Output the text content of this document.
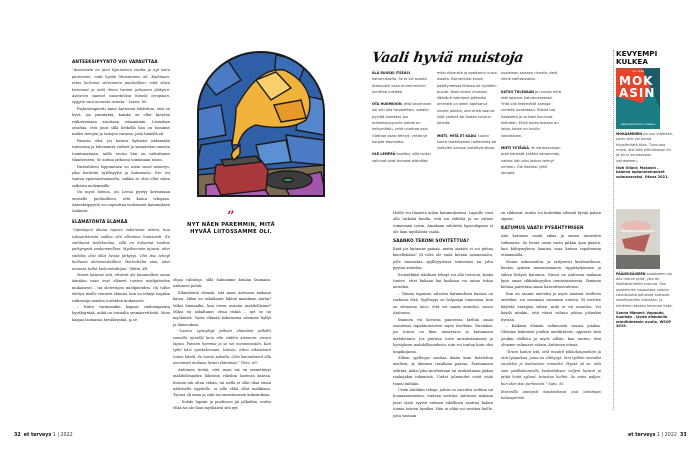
ANTEEKSIPYYNTÖ VOI VAPAUTTAA

”Avioerosta on pian kymmenen vuotta ja nyt näen paremmin, mitä hyvää liitossamme oli. Kadutaan, etten kertonut selvemmin puolisolleni, mitä olisin tarvinnut ja mitä ilmon turmin juttuseen jäätyeni. Avioeron saamat vaeantelissa hänelä terapiaan, sygytin vain monesta asiasta.” Leena, 60.

Psykoterapeutti Anne Anttonen lohduttaa, että on hyvä, jos ymmärtää, kuinka on ollut kyvytön ratkaisemaan asioitaan viisaammin. Leenahan oivaltaa, että juuri sillä hetkellä hän on toiminut niiden tietojen ja taitojen varassa, joita hänellä oli.

Parasta olisi, jos katuva kykenisi näkemään tunteensa ja tekemänsä virheet ja ymmärtäisi omasta toiminnastaan, millä tavoin hän on vaikuttanut tilanteeseen. Se auttaa jatkossa toimimaan toisin.

Parisuhteen loppuminen on usein suuri menetys, joka herättää syyllisyyttä ja katumusta. Ero voi tuntua epäonnistumiselta, vaikka se olisi ollut oikea ratkaisu molemmille.

On myös hienoa, jos Leena pystyy kertomaan entiselle puolisolleen, että katuu tekojaan. Anteeksipyyntö voi vapauttaa molemmat katumuksen taakasta.

ELÄMÄTÖNTÄ ELÄMÄÄ

”Opintojeni alussa tajusin valinneeni väärin, kun tulosarleteistä vaikka olin alituinen humanisti. En vaihtanut tiedekuntaa, sillä en halunnut tuottaa pettymystä vanhemmilleni. Myöhemmin tajusin, ettei vaihdos olisi ollut heistä järkytys. Olin itse tehnyt kuhleeni oletusmuksilleni. Harmittelin aina, ettei minusta tullut kielenntutkijaa.” Riitta, 48.

Monet katuvat sitä, etteivät ole kuunnelleet omaa ääntään vaan ovat eläneet toisten mielipiteiden mukaisesti – tai oletettujen mielipiteiden. On tullut elettyä itselle vierasta elämää, kun on tehnyt isojakin ratkaisuja muiden toiveiden mukaisesti.

– Riitta varmaankin kaipasi vanhempiensa hyväksyntää, mikä on toisaalta ymmärrettävää. Moni kaipaa laumansa hyväksyntää, ja se

”
NYT NÄEN PAREMMIN, MITÄ HYVÄÄ LIITOSSAMME OLI.

ohjaa valintoja, sillä haluamme kuulua laumaan, Anttonen pohtii.

Elämätöntä elämää, sitä moni Anttosen mukaan katuu. Miksi en uskaltanut lähteä maailman ääriin? Miksi himmailin, kun eteen avautui mahdollisuus? Miksi en uskaltanut ottaa riskiä – nyt se on myöhäistä. Vasta elämää kokeneena näemme hyllyt ja tilaisuuksia.

”Lasten synnyttyä jatkoin elämääni pitkälti samalla rytmillä kuin olin sitäkin aiemmin: ennen lapsia. Painoin hommia ja se vei menneessään. Kun tyttö kävi opiskelemaan, totesin, etten oikeastaan tunne häntä. Se tuntui pahalta. Olisi kannattanut olla enemmän mukana lasten elämässä.” Timo, 69.

Anttonen tietää, että moni isä on menettänyt mahdollisuuden läheisiin väleihin lastensa kanssa. Kotona tuli oltua vähän, tai siellä ei ollut tilaa oman näköiselle isyydelle, ei sille ehkä ollut mallikaan. Työssä oli imua ja siitä sai onnistumisen kokemuksia.

– Suhde lapsiin ja puolisoon jäi jalkoihin, mutta ehkä tai ole liian myöhäistä sitä nyt

32 et terveys 1 | 2022
Vaali hyviä muistoja

ÄLÄ RUOSKI ITSEÄSI katumuksella. Se ei vie asioita eteenpäin vaan ennemminkin jumittaa mieltäsi.

OTA HUOMIOON, että katuminen voi silti olla tarpeellista, uskalla pyytää anteeksi. Jos anteeksipyynnön kohde on heltymätön, yritä unohtaa asia. Olethan osasi tehnyt, yrittänyt korjata tilannetta.

OLE LEMPEÄ itsellesi, sillä kaikki valinnat ovat tuoneet elämääsi

mäsi rikkautta ja opettanut uusia asioita. Esimerkiksi eroon päättyneessä liitossa oli hyviäkin puolia. Vaali niiden muistoa. Vääränä valintana pitämäsi ammatti on sekin opettanut sinulle jotakin, olet ehkä saanut siitä ystäviä tai iloisen naurun aiheita.

MIETI, MITÄ ET KADU, tuskin kadut lastenlasten hoitamista tai ystävien kanssa vietettyä aikaa.

kuoleman sairaan rinnalla vielä viime vaiheessakin.

KATSO TULEVAAN ja muista mitä olet oppinut katumuksestasi. Yritä olla tekemättä samoja virheitä uudestaan. Elämä tuo haasteita ja virheet kuuluvat elämään. Ehkä moka tosiaan on lahja, kuten on kuultu sanottavan.

MIETI YSTÄVÄÄ, et varmaankaan pidä hänestä yhtään vähemmän, vaikka hän olisi joskus tehnyt virheen. Ole itsellesi yhtä lempeä.

Heille voi ilmaista aidon katumuksensa. Lapsille voisi olla tärkeää kuulla, että isä välittää ja on valmis toimimaan toisin. Ainakaan suhdetta lapsenlapsiin ei ole liian myöhäistä vaalia.

SAANKO TEKONI SOVITETTUA?

Entä jos katumus painaa, mutta asiasta ei voi puhua kenellekään? Ei edes ole enää ketään asianosaista, jolle tunnustaa syyllisyytensä tunteensa tai jolta pyytää anteeksi.

Esimerkiksi rikoksen tehnyt voi olla toivoton, koska tuntee, ettei kukaan kai koskaan voi antaa tekoa anteeksi.

– Tämän tapaisen salaisen katumuksen kanssa on raskasta elää. Syyllisyys on helpompi tunnustaa, kun on olemassa toivo, että voi saada anteeksi, sanoo Anttonen.

Ihminen voi kovassa paineessa kieltää oman osuutensa tapahtuneeseen myös itseltään. Varsinkin, jos totuus on liian musertava ja katuminen mahdotonta. Jos puuttuu toivo anteeksiannosta ja hyvityksen mahdollisuudesta, niin voi tuntua kuin olisi umpikujassa.

Silloin syyllisyys saattaa ikään kuin koteloitua mieleen, ja ihminen tavallaan paatua. Paatuminen selittää, miksi joku murhattaan tai raiskattuaan jatkaa raakojakin tekemisiä. Uudet julmuudet eivät enää tunnu miltään.

Usein näitäkin tekoja, joihin on sorruttu sodissa tai huumaantuneina, voidaan sovittaa. Anttosen mukaan juuri tästä syystä entinen rikollinen saattaa haluta toimia toisten hyväksi. Hän ei ehkä voi sovittaa heille, joita vastaan

on rikkonut, mutta voi kuitenkin edistää hyvää pahan sijasta.

KATUMUS VAATII PYSÄHTYMISEN

Aito katumus vaatii aikaa ja omien tunteiden tutkimista. Se herää usein vasta pitkän ajan päästä, kun kiihtymyksen laantua osaa katsoa tapahtumia etäämmältä.

Monin uskonnoihin, ja erityisesti kristinuskoon, kuuluu syntien tunnustaminen, rippitäytyminen ja siihen liittyvä katumus. Niissä on Anttosen mukaan kyse oman rikkinäisyyden tunnistamisesta. Ihminen kohtaa päivittäin oman haavoittuvuutensa.

Kun on saanut anteeksi ja myös antanut itselleen anteeksi, voi suunnata voimansa uuteen. Ei tarvitse käyttää energiaa siihen, mitä ei voi muuttaa. Voi käydä niinkin, että väärä valinta johtaa johonkin hyvään.

– Kaikista elämän valinnoista seuraa jotakin. Olemme kokeneet jotakin merkittävää, oppineet siitä jotakin olellista ja myös silloin, kun tuntuu, että olemme valinneet väärin, Anttonen toteaa.

”Ensin kadun sitä, että muutin pikkukaupunkiin ja otin työpaikan, jossa en viihtynyt. Siin työhön moneksi vuodeksi ja itsetuntoni romuttui. Hyvää oli se, että sain paikkakunnalla koskettaksen veljeni lapsiin ja pitää heitä sylissä, tutustua heihin. Se antoi paljon, kun olen itse perheetön.” Satu, 55.

Etunimillä esiintyvät haastateltavat ovat toimittajan tuttavapiiristä.

KEVYEMPI KULKEA
OUTI OILANI
MOKASIN
KÄÄNNÄ EPÄONNISTUMISET VOIMAVARAKSI

MOKAAMINEN kuuluu elämään, joten sille voi antaa hiipeämättä tilaa. Tunnusta moka, ota siitä elämänoppi irti ja siirry seuraavaan vaiheeseen.

Outi Oilani: Mokasin – käännä epäonnistumiset voimavaraksi. Otava 2021.

VAPAUDU HUOLISTA

PÄÄNSISÄISEEN kaaokseen voi olla monia syitä, yksi on käsittelemätön trauma. Sen avaaminen vapauttaa voimia. Läsnäoloharjoitukset auttavat keskittymään elämään, ja henkinen taakka kevenee lisää.

Sanna Mämmi: Vapaudu huolista – löydä elämänilo mindfulnessin avulla. WSOY 2019.

et terveys 1 | 2022 33
